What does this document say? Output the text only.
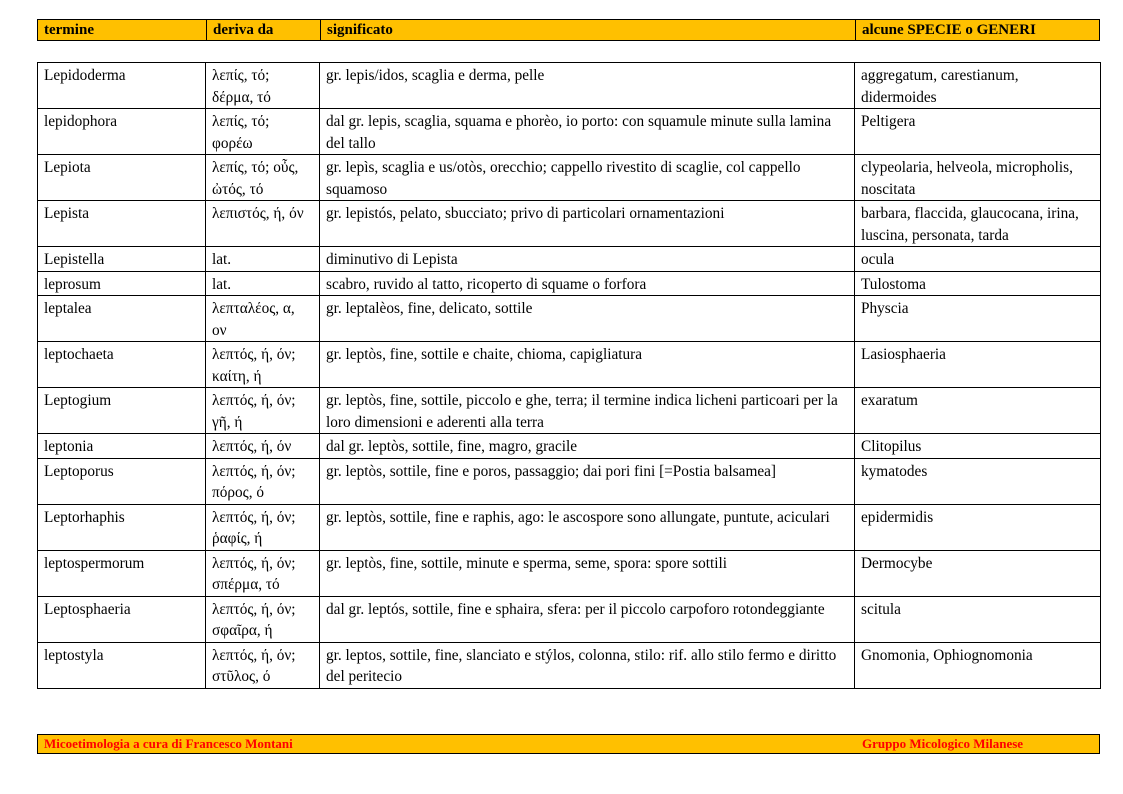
termine	deriva da	significato	alcune SPECIE o GENERI
Lepidoderma	λεπίς, τό; δέρμα, τό	gr. lepis/idos, scaglia e derma, pelle	aggregatum, carestianum, didermoides
lepidophora	λεπίς, τό; φορέω	dal gr. lepis, scaglia, squama e phorèo, io porto: con squamule minute sulla lamina del tallo	Peltigera
Lepiota	λεπίς, τό; οὖς, ὠτός, τό	gr. lepìs, scaglia e us/otòs, orecchio; cappello rivestito di scaglie, col cappello squamoso	clypeolaria, helveola, micropholis, noscitata
Lepista	λεπιστός, ή, όν	gr. lepistós, pelato, sbucciato; privo di particolari ornamentazioni	barbara, flaccida, glaucocana, irina, luscina, personata, tarda
Lepistella	lat.	diminutivo di Lepista	ocula
leprosum	lat.	scabro, ruvido al tatto, ricoperto di squame o forfora	Tulostoma
leptalea	λεπταλέος, α, ον	gr. leptalèos, fine, delicato, sottile	Physcia
leptochaeta	λεπτός, ή, όν; καίτη, ή	gr. leptòs, fine, sottile e chaite, chioma, capigliatura	Lasiosphaeria
Leptogium	λεπτός, ή, όν; γῆ, ή	gr. leptòs, fine, sottile, piccolo e ghe, terra; il termine indica licheni particoari per la loro dimensioni e aderenti alla terra	exaratum
leptonia	λεπτός, ή, όν	dal gr. leptòs, sottile, fine, magro, gracile	Clitopilus
Leptoporus	λεπτός, ή, όν; πόρος, ό	gr. leptòs, sottile, fine e poros, passaggio; dai pori fini [=Postia balsamea]	kymatodes
Leptorhaphis	λεπτός, ή, όν; ῥαφίς, ή	gr. leptòs, sottile, fine e raphis, ago: le ascospore sono allungate, puntute, aciculari	epidermidis
leptospermorum	λεπτός, ή, όν; σπέρμα, τό	gr. leptòs, fine, sottile, minute e sperma, seme, spora: spore sottili	Dermocybe
Leptosphaeria	λεπτός, ή, όν; σφαῖρα, ή	dal gr. leptós, sottile, fine e sphaira, sfera: per il piccolo carpoforo rotondeggiante	scitula
leptostyla	λεπτός, ή, όν; στῦλος, ό	gr. leptos, sottile, fine, slanciato e stýlos, colonna, stilo: rif. allo stilo fermo e diritto del peritecio	Gnomonia, Ophiognomonia
Micoetimologia a cura di Francesco Montani	Gruppo Micologico Milanese
